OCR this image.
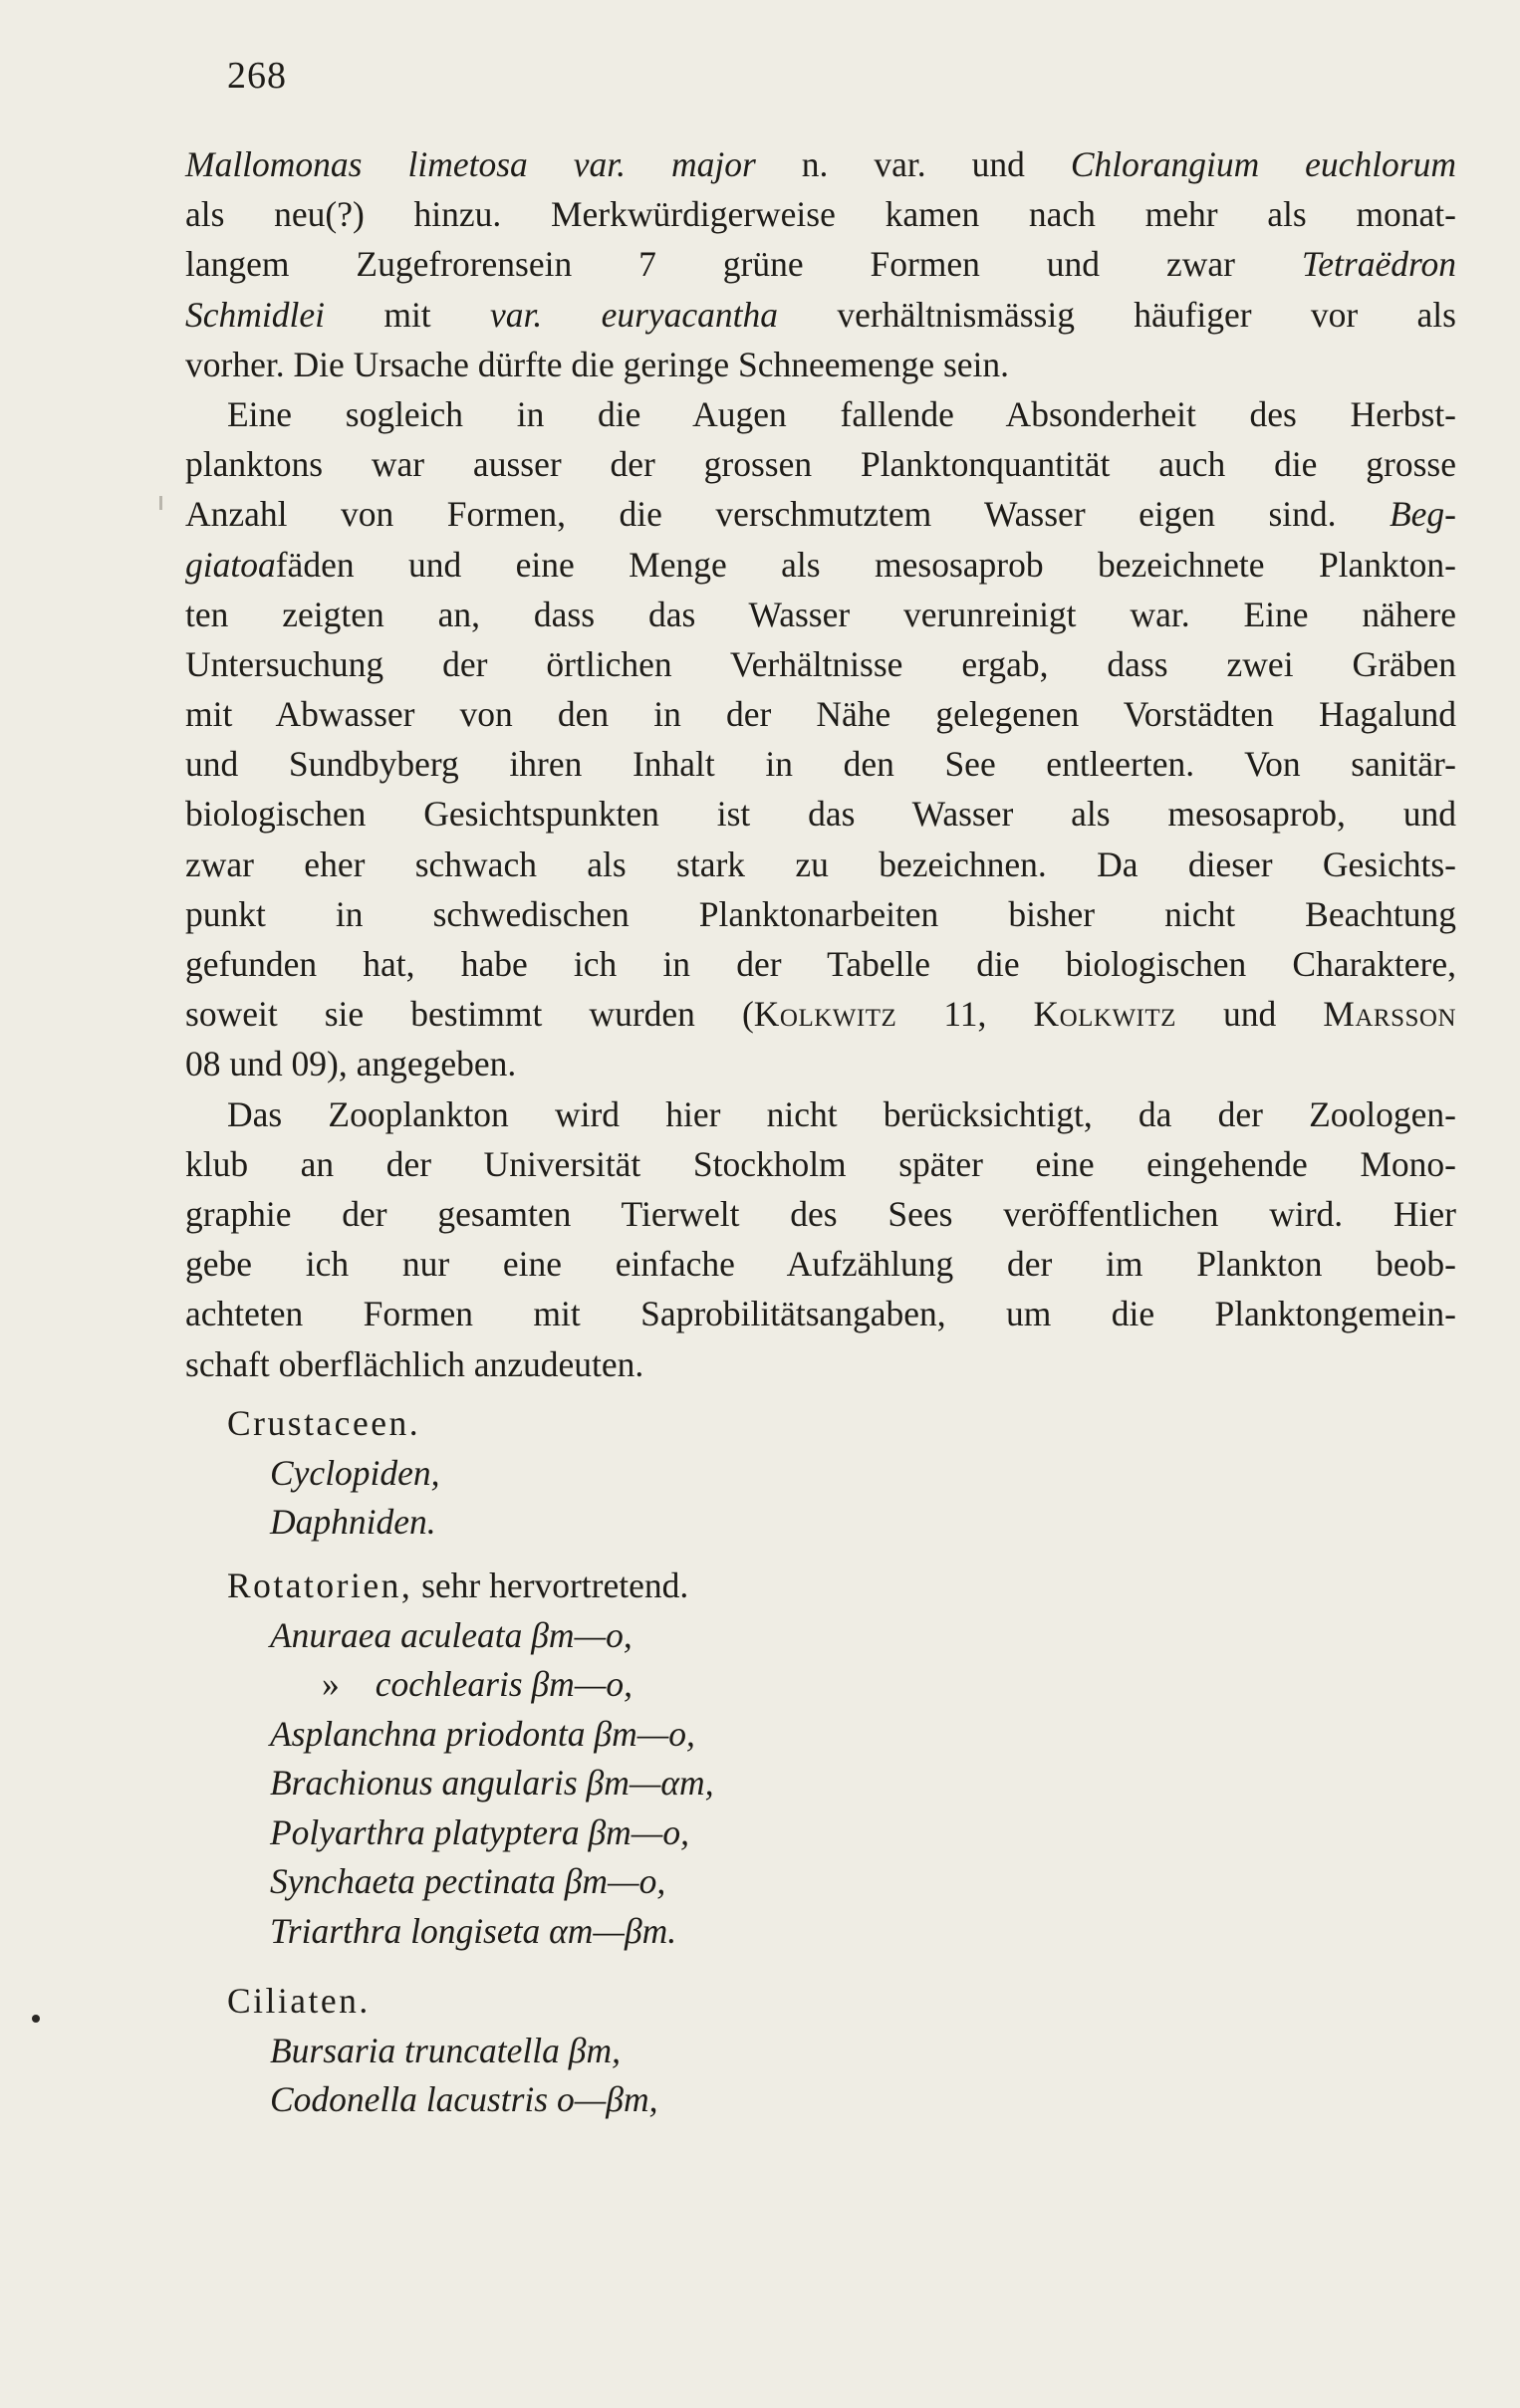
268
Mallomonas limetosa var. major n. var. und Chlorangium euchlorum
als neu(?) hinzu. Merkwürdigerweise kamen nach mehr als monat-
langem Zugefrorensein 7 grüne Formen und zwar Tetraëdron
Schmidlei mit var. euryacantha verhältnismässig häufiger vor als
vorher. Die Ursache dürfte die geringe Schneemenge sein.
Eine sogleich in die Augen fallende Absonderheit des Herbst-
planktons war ausser der grossen Planktonquantität auch die grosse
Anzahl von Formen, die verschmutztem Wasser eigen sind. Beg-
giatoafäden und eine Menge als mesosaprob bezeichnete Plankton-
ten zeigten an, dass das Wasser verunreinigt war. Eine nähere
Untersuchung der örtlichen Verhältnisse ergab, dass zwei Gräben
mit Abwasser von den in der Nähe gelegenen Vorstädten Hagalund
und Sundbyberg ihren Inhalt in den See entleerten. Von sanitär-
biologischen Gesichtspunkten ist das Wasser als mesosaprob, und
zwar eher schwach als stark zu bezeichnen. Da dieser Gesichts-
punkt in schwedischen Planktonarbeiten bisher nicht Beachtung
gefunden hat, habe ich in der Tabelle die biologischen Charaktere,
soweit sie bestimmt wurden (Kolkwitz 11, Kolkwitz und Marsson
08 und 09), angegeben.
Das Zooplankton wird hier nicht berücksichtigt, da der Zoologen-
klub an der Universität Stockholm später eine eingehende Mono-
graphie der gesamten Tierwelt des Sees veröffentlichen wird. Hier
gebe ich nur eine einfache Aufzählung der im Plankton beob-
achteten Formen mit Saprobilitätsangaben, um die Planktongemein-
schaft oberflächlich anzudeuten.
Crustaceen.
Cyclopiden,
Daphniden.
Rotatorien, sehr hervortretend.
Anuraea aculeata βm—o,
» cochlearis βm—o,
Asplanchna priodonta βm—o,
Brachionus angularis βm—αm,
Polyarthra platyptera βm—o,
Synchaeta pectinata βm—o,
Triarthra longiseta αm—βm.
Ciliaten.
Bursaria truncatella βm,
Codonella lacustris o—βm,
